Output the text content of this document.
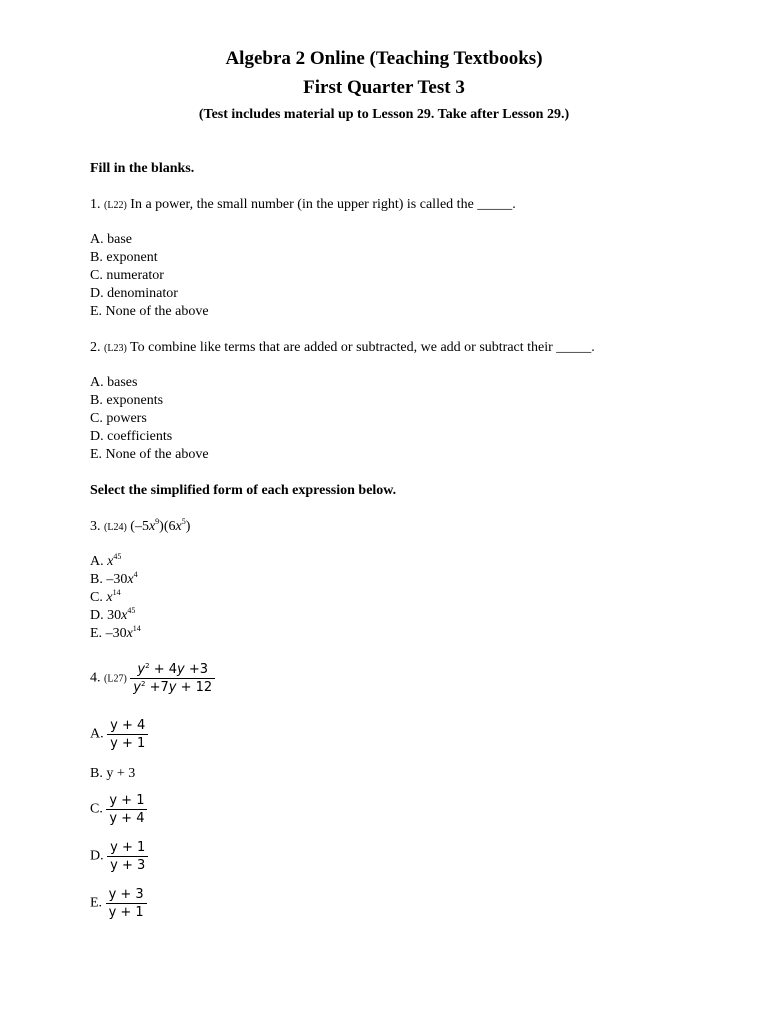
Algebra 2 Online (Teaching Textbooks)
First Quarter Test 3
(Test includes material up to Lesson 29. Take after Lesson 29.)
Fill in the blanks.
1. (L22) In a power, the small number (in the upper right) is called the _____.
A. base
B. exponent
C. numerator
D. denominator
E. None of the above
2. (L23) To combine like terms that are added or subtracted, we add or subtract their _____.
A. bases
B. exponents
C. powers
D. coefficients
E. None of the above
Select the simplified form of each expression below.
3. (L24) $(-5x^9)(6x^5)$
A. $x^{45}$
B. $-30x^4$
C. $x^{14}$
D. $30x^{45}$
E. $-30x^{14}$
4. $(L27) \frac{y^2 + 4y +3}{y^2 +7y + 12}$
A. $\frac{y + 4}{y + 1}$
B. y + 3
C. $\frac{y + 1}{y + 4}$
D. $\frac{y + 1}{y + 3}$
E. $\frac{y + 3}{y + 1}$
